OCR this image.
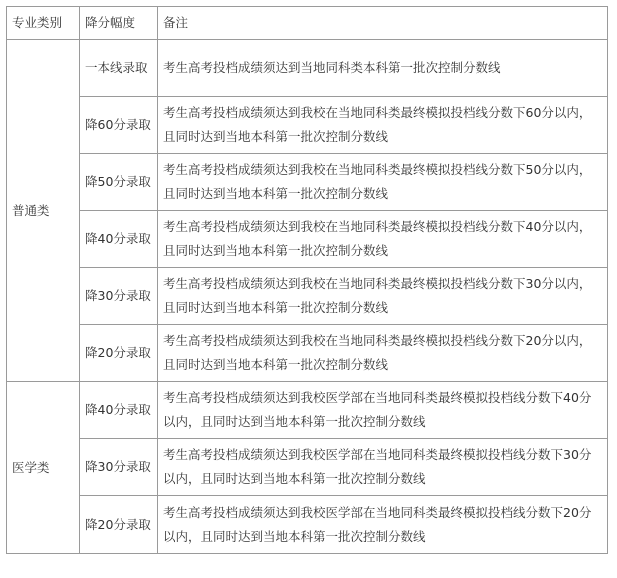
专业类别	降分幅度	备注
普通类	一本线录取	考生高考投档成绩须达到当地同科类本科第一批次控制分数线
	降60分录取	考生高考投档成绩须达到我校在当地同科类最终模拟投档线分数下60分以内，且同时达到当地本科第一批次控制分数线
	降50分录取	考生高考投档成绩须达到我校在当地同科类最终模拟投档线分数下50分以内，且同时达到当地本科第一批次控制分数线
	降40分录取	考生高考投档成绩须达到我校在当地同科类最终模拟投档线分数下40分以内，且同时达到当地本科第一批次控制分数线
	降30分录取	考生高考投档成绩须达到我校在当地同科类最终模拟投档线分数下30分以内，且同时达到当地本科第一批次控制分数线
	降20分录取	考生高考投档成绩须达到我校在当地同科类最终模拟投档线分数下20分以内，且同时达到当地本科第一批次控制分数线
医学类	降40分录取	考生高考投档成绩须达到我校医学部在当地同科类最终模拟投档线分数下40分以内，且同时达到当地本科第一批次控制分数线
	降30分录取	考生高考投档成绩须达到我校医学部在当地同科类最终模拟投档线分数下30分以内，且同时达到当地本科第一批次控制分数线
	降20分录取	考生高考投档成绩须达到我校医学部在当地同科类最终模拟投档线分数下20分以内，且同时达到当地本科第一批次控制分数线
